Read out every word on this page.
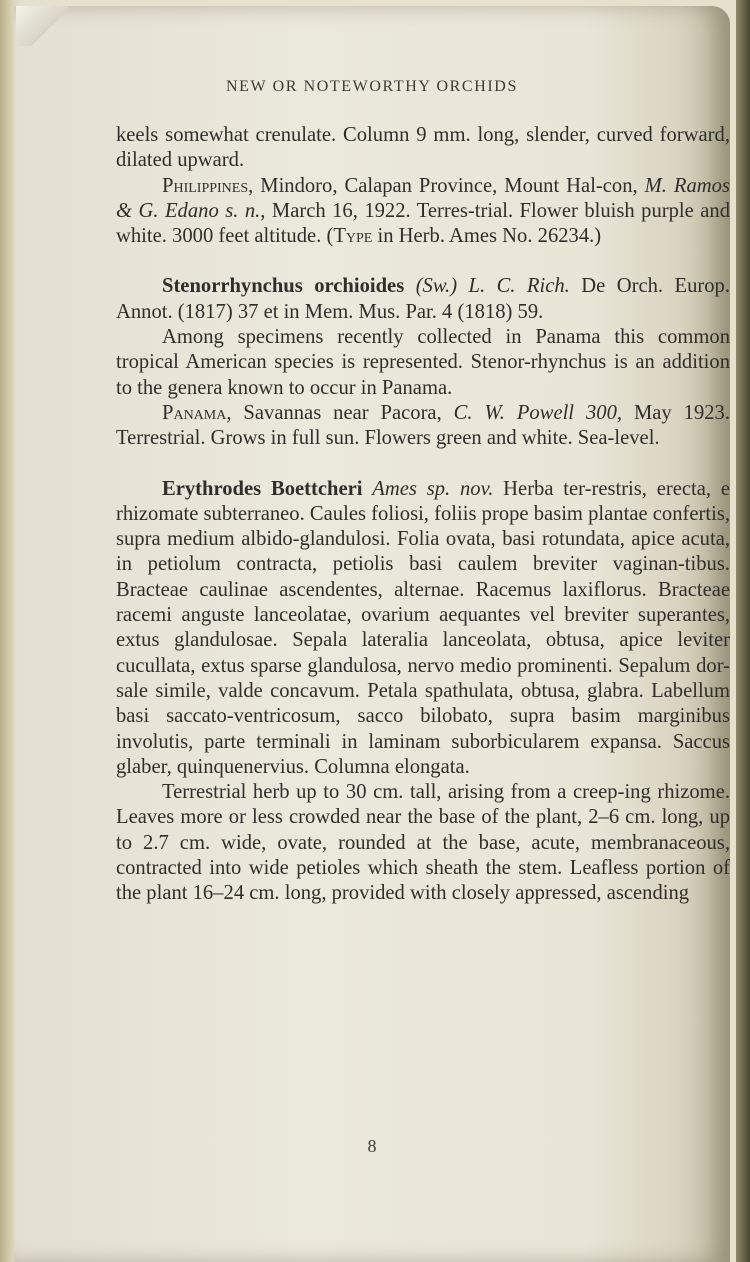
NEW OR NOTEWORTHY ORCHIDS

keels somewhat crenulate. Column 9 mm. long, slender, curved forward, dilated upward.

Philippines, Mindoro, Calapan Province, Mount Hal-con, M. Ramos & G. Edano s. n., March 16, 1922. Terres-trial. Flower bluish purple and white. 3000 feet altitude. (Type in Herb. Ames No. 26234.)

Stenorrhynchus orchioides (Sw.) L. C. Rich. De Orch. Europ. Annot. (1817) 37 et in Mem. Mus. Par. 4 (1818) 59.

Among specimens recently collected in Panama this common tropical American species is represented. Stenor-rhynchus is an addition to the genera known to occur in Panama.

Panama, Savannas near Pacora, C. W. Powell 300, May 1923. Terrestrial. Grows in full sun. Flowers green and white. Sea-level.

Erythrodes Boettcheri Ames sp. nov. Herba ter-restris, erecta, e rhizomate subterraneo. Caules foliosi, foliis prope basim plantae confertis, supra medium albido-glandulosi. Folia ovata, basi rotundata, apice acuta, in petiolum contracta, petiolis basi caulem breviter vaginan-tibus. Bracteae caulinae ascendentes, alternae. Racemus laxiflorus. Bracteae racemi anguste lanceolatae, ovarium aequantes vel breviter superantes, extus glandulosae. Sepala lateralia lanceolata, obtusa, apice leviter cucullata, extus sparse glandulosa, nervo medio prominenti. Sepalum dor-sale simile, valde concavum. Petala spathulata, obtusa, glabra. Labellum basi saccato-ventricosum, sacco bilobato, supra basim marginibus involutis, parte terminali in laminam suborbicularem expansa. Saccus glaber, quinquenervius. Columna elongata.

Terrestrial herb up to 30 cm. tall, arising from a creep-ing rhizome. Leaves more or less crowded near the base of the plant, 2–6 cm. long, up to 2.7 cm. wide, ovate, rounded at the base, acute, membranaceous, contracted into wide petioles which sheath the stem. Leafless portion of the plant 16–24 cm. long, provided with closely appressed, ascending

8
